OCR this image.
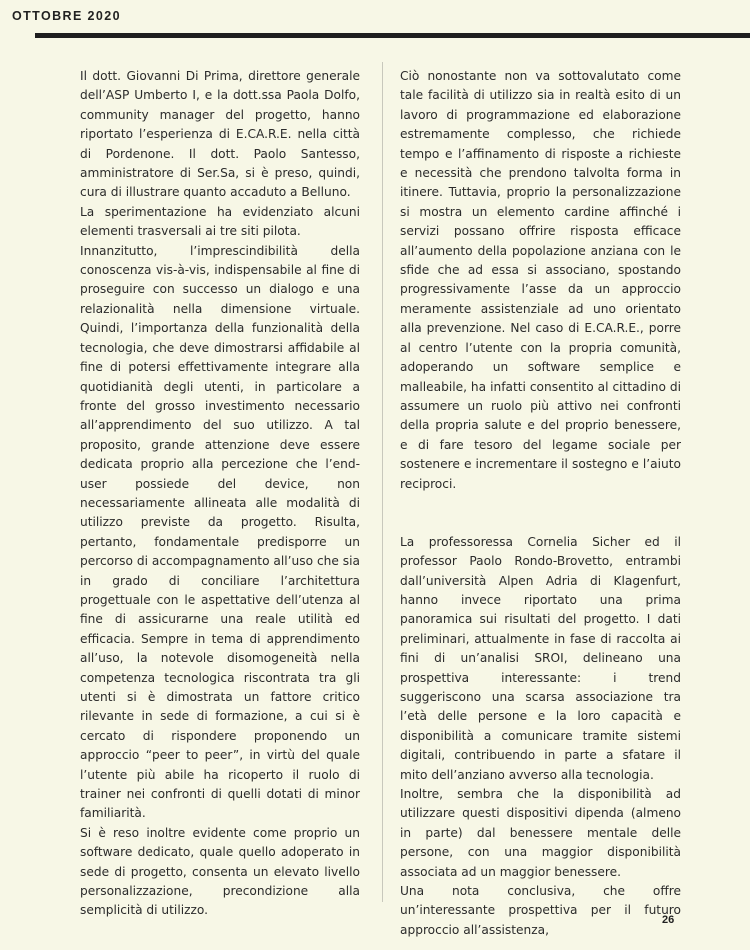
OTTOBRE 2020

Il dott. Giovanni Di Prima, direttore generale dell’ASP Umberto I, e la dott.ssa Paola Dolfo, community manager del progetto, hanno riportato l’esperienza di E.CA.R.E. nella città di Pordenone. Il dott. Paolo Santesso, amministratore di Ser.Sa, si è preso, quindi, cura di illustrare quanto accaduto a Belluno.

La sperimentazione ha evidenziato alcuni elementi trasversali ai tre siti pilota.

Innanzitutto, l’imprescindibilità della conoscenza vis-à-vis, indispensabile al fine di proseguire con successo un dialogo e una relazionalità nella dimensione virtuale. Quindi, l’importanza della funzionalità della tecnologia, che deve dimostrarsi affidabile al fine di potersi effettivamente integrare alla quotidianità degli utenti, in particolare a fronte del grosso investimento necessario all’apprendimento del suo utilizzo. A tal proposito, grande attenzione deve essere dedicata proprio alla percezione che l’end-user possiede del device, non necessariamente allineata alle modalità di utilizzo previste da progetto. Risulta, pertanto, fondamentale predisporre un percorso di accompagnamento all’uso che sia in grado di conciliare l’architettura progettuale con le aspettative dell’utenza al fine di assicurarne una reale utilità ed efficacia. Sempre in tema di apprendimento all’uso, la notevole disomogeneità nella competenza tecnologica riscontrata tra gli utenti si è dimostrata un fattore critico rilevante in sede di formazione, a cui si è cercato di rispondere proponendo un approccio “peer to peer”, in virtù del quale l’utente più abile ha ricoperto il ruolo di trainer nei confronti di quelli dotati di minor familiarità.

Si è reso inoltre evidente come proprio un software dedicato, quale quello adoperato in sede di progetto, consenta un elevato livello personalizzazione, precondizione alla semplicità di utilizzo.

Ciò nonostante non va sottovalutato come tale facilità di utilizzo sia in realtà esito di un lavoro di programmazione ed elaborazione estremamente complesso, che richiede tempo e l’affinamento di risposte a richieste e necessità che prendono talvolta forma in itinere. Tuttavia, proprio la personalizzazione si mostra un elemento cardine affinché i servizi possano offrire risposta efficace all’aumento della popolazione anziana con le sfide che ad essa si associano, spostando progressivamente l’asse da un approccio meramente assistenziale ad uno orientato alla prevenzione. Nel caso di E.CA.R.E., porre al centro l’utente con la propria comunità, adoperando un software semplice e malleabile, ha infatti consentito al cittadino di assumere un ruolo più attivo nei confronti della propria salute e del proprio benessere, e di fare tesoro del legame sociale per sostenere e incrementare il sostegno e l’aiuto reciproci.

La professoressa Cornelia Sicher ed il professor Paolo Rondo-Brovetto, entrambi dall’università Alpen Adria di Klagenfurt, hanno invece riportato una prima panoramica sui risultati del progetto. I dati preliminari, attualmente in fase di raccolta ai fini di un’analisi SROI, delineano una prospettiva interessante: i trend suggeriscono una scarsa associazione tra l’età delle persone e la loro capacità e disponibilità a comunicare tramite sistemi digitali, contribuendo in parte a sfatare il mito dell’anziano avverso alla tecnologia.

Inoltre, sembra che la disponibilità ad utilizzare questi dispositivi dipenda (almeno in parte) dal benessere mentale delle persone, con una maggior disponibilità associata ad un maggior benessere.

Una nota conclusiva, che offre un’interessante prospettiva per il futuro approccio all’assistenza,

26
